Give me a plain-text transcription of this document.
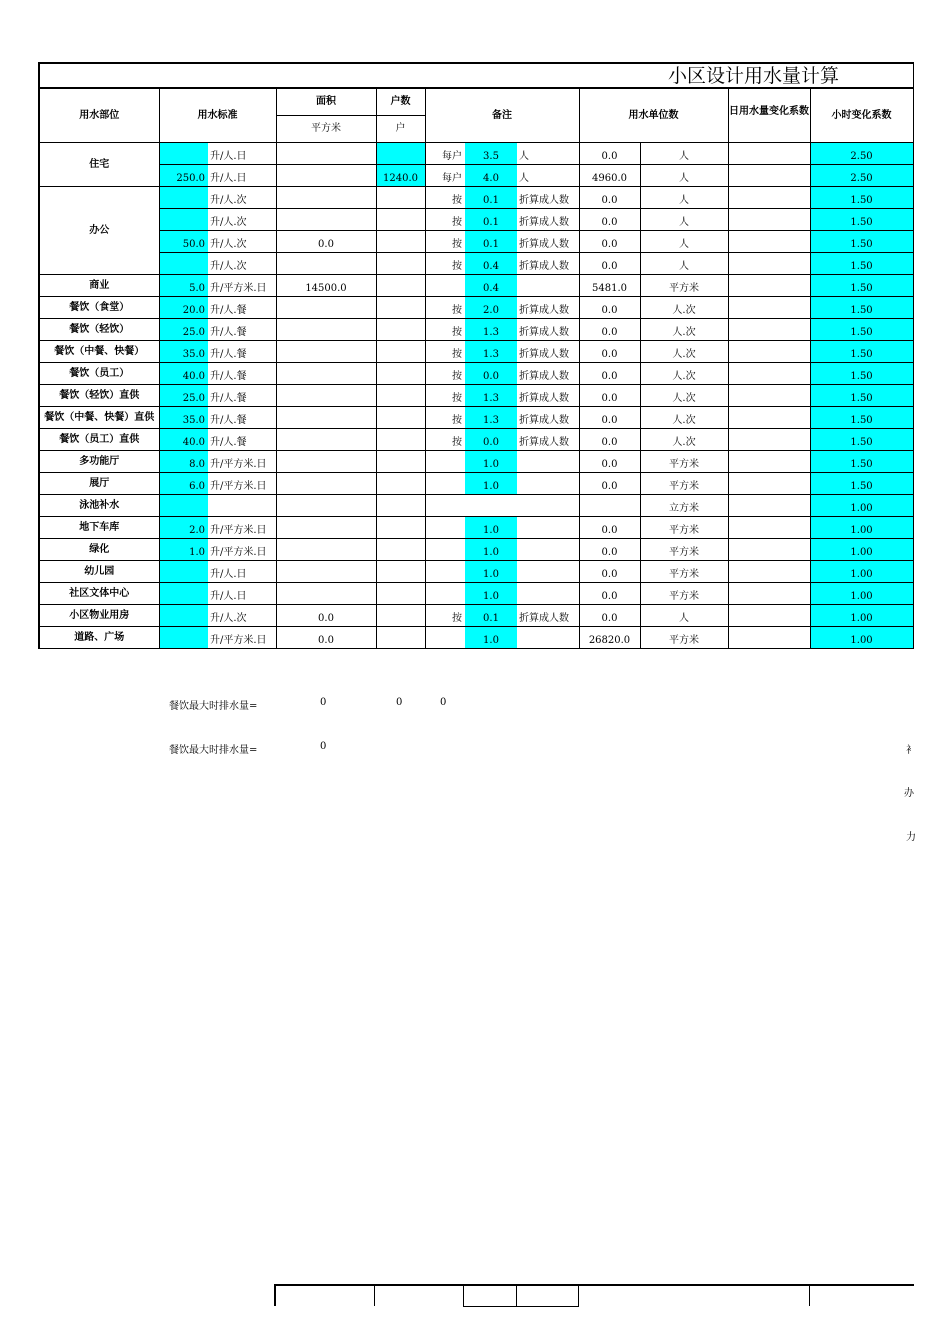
小区设计用水量计算											
用水部位	用水标准		面积	户数	备注			用水单位数		日用水量变化系数	小时变化系数
			平方米	户							
住宅		升/人.日			每户	3.5	人	0.0	人		2.50
	250.0	升/人.日		1240.0	每户	4.0	人	4960.0	人		2.50
办公		升/人.次			按	0.1	折算成人数	0.0	人		1.50
		升/人.次			按	0.1	折算成人数	0.0	人		1.50
	50.0	升/人.次	0.0		按	0.1	折算成人数	0.0	人		1.50
		升/人.次			按	0.4	折算成人数	0.0	人		1.50
商业	5.0	升/平方米.日	14500.0			0.4		5481.0	平方米		1.50
餐饮（食堂）	20.0	升/人.餐			按	2.0	折算成人数	0.0	人.次		1.50
餐饮（轻饮）	25.0	升/人.餐			按	1.3	折算成人数	0.0	人.次		1.50
餐饮（中餐、快餐）	35.0	升/人.餐			按	1.3	折算成人数	0.0	人.次		1.50
餐饮（员工）	40.0	升/人.餐			按	0.0	折算成人数	0.0	人.次		1.50
餐饮（轻饮）直供	25.0	升/人.餐			按	1.3	折算成人数	0.0	人.次		1.50
餐饮（中餐、快餐）直供	35.0	升/人.餐			按	1.3	折算成人数	0.0	人.次		1.50
餐饮（员工）直供	40.0	升/人.餐			按	0.0	折算成人数	0.0	人.次		1.50
多功能厅	8.0	升/平方米.日				1.0		0.0	平方米		1.50
展厅	6.0	升/平方米.日				1.0		0.0	平方米		1.50
泳池补水									立方米		1.00
地下车库	2.0	升/平方米.日				1.0		0.0	平方米		1.00
绿化	1.0	升/平方米.日				1.0		0.0	平方米		1.00
幼儿园		升/人.日				1.0		0.0	平方米		1.00
社区文体中心		升/人.日				1.0		0.0	平方米		1.00
小区物业用房		升/人.次	0.0		按	0.1	折算成人数	0.0	人		1.00
道路、广场		升/平方米.日	0.0			1.0		26820.0	平方米		1.00
餐饮最大时排水量=	0	0	0
餐饮最大时排水量=	0	衤
办
力
